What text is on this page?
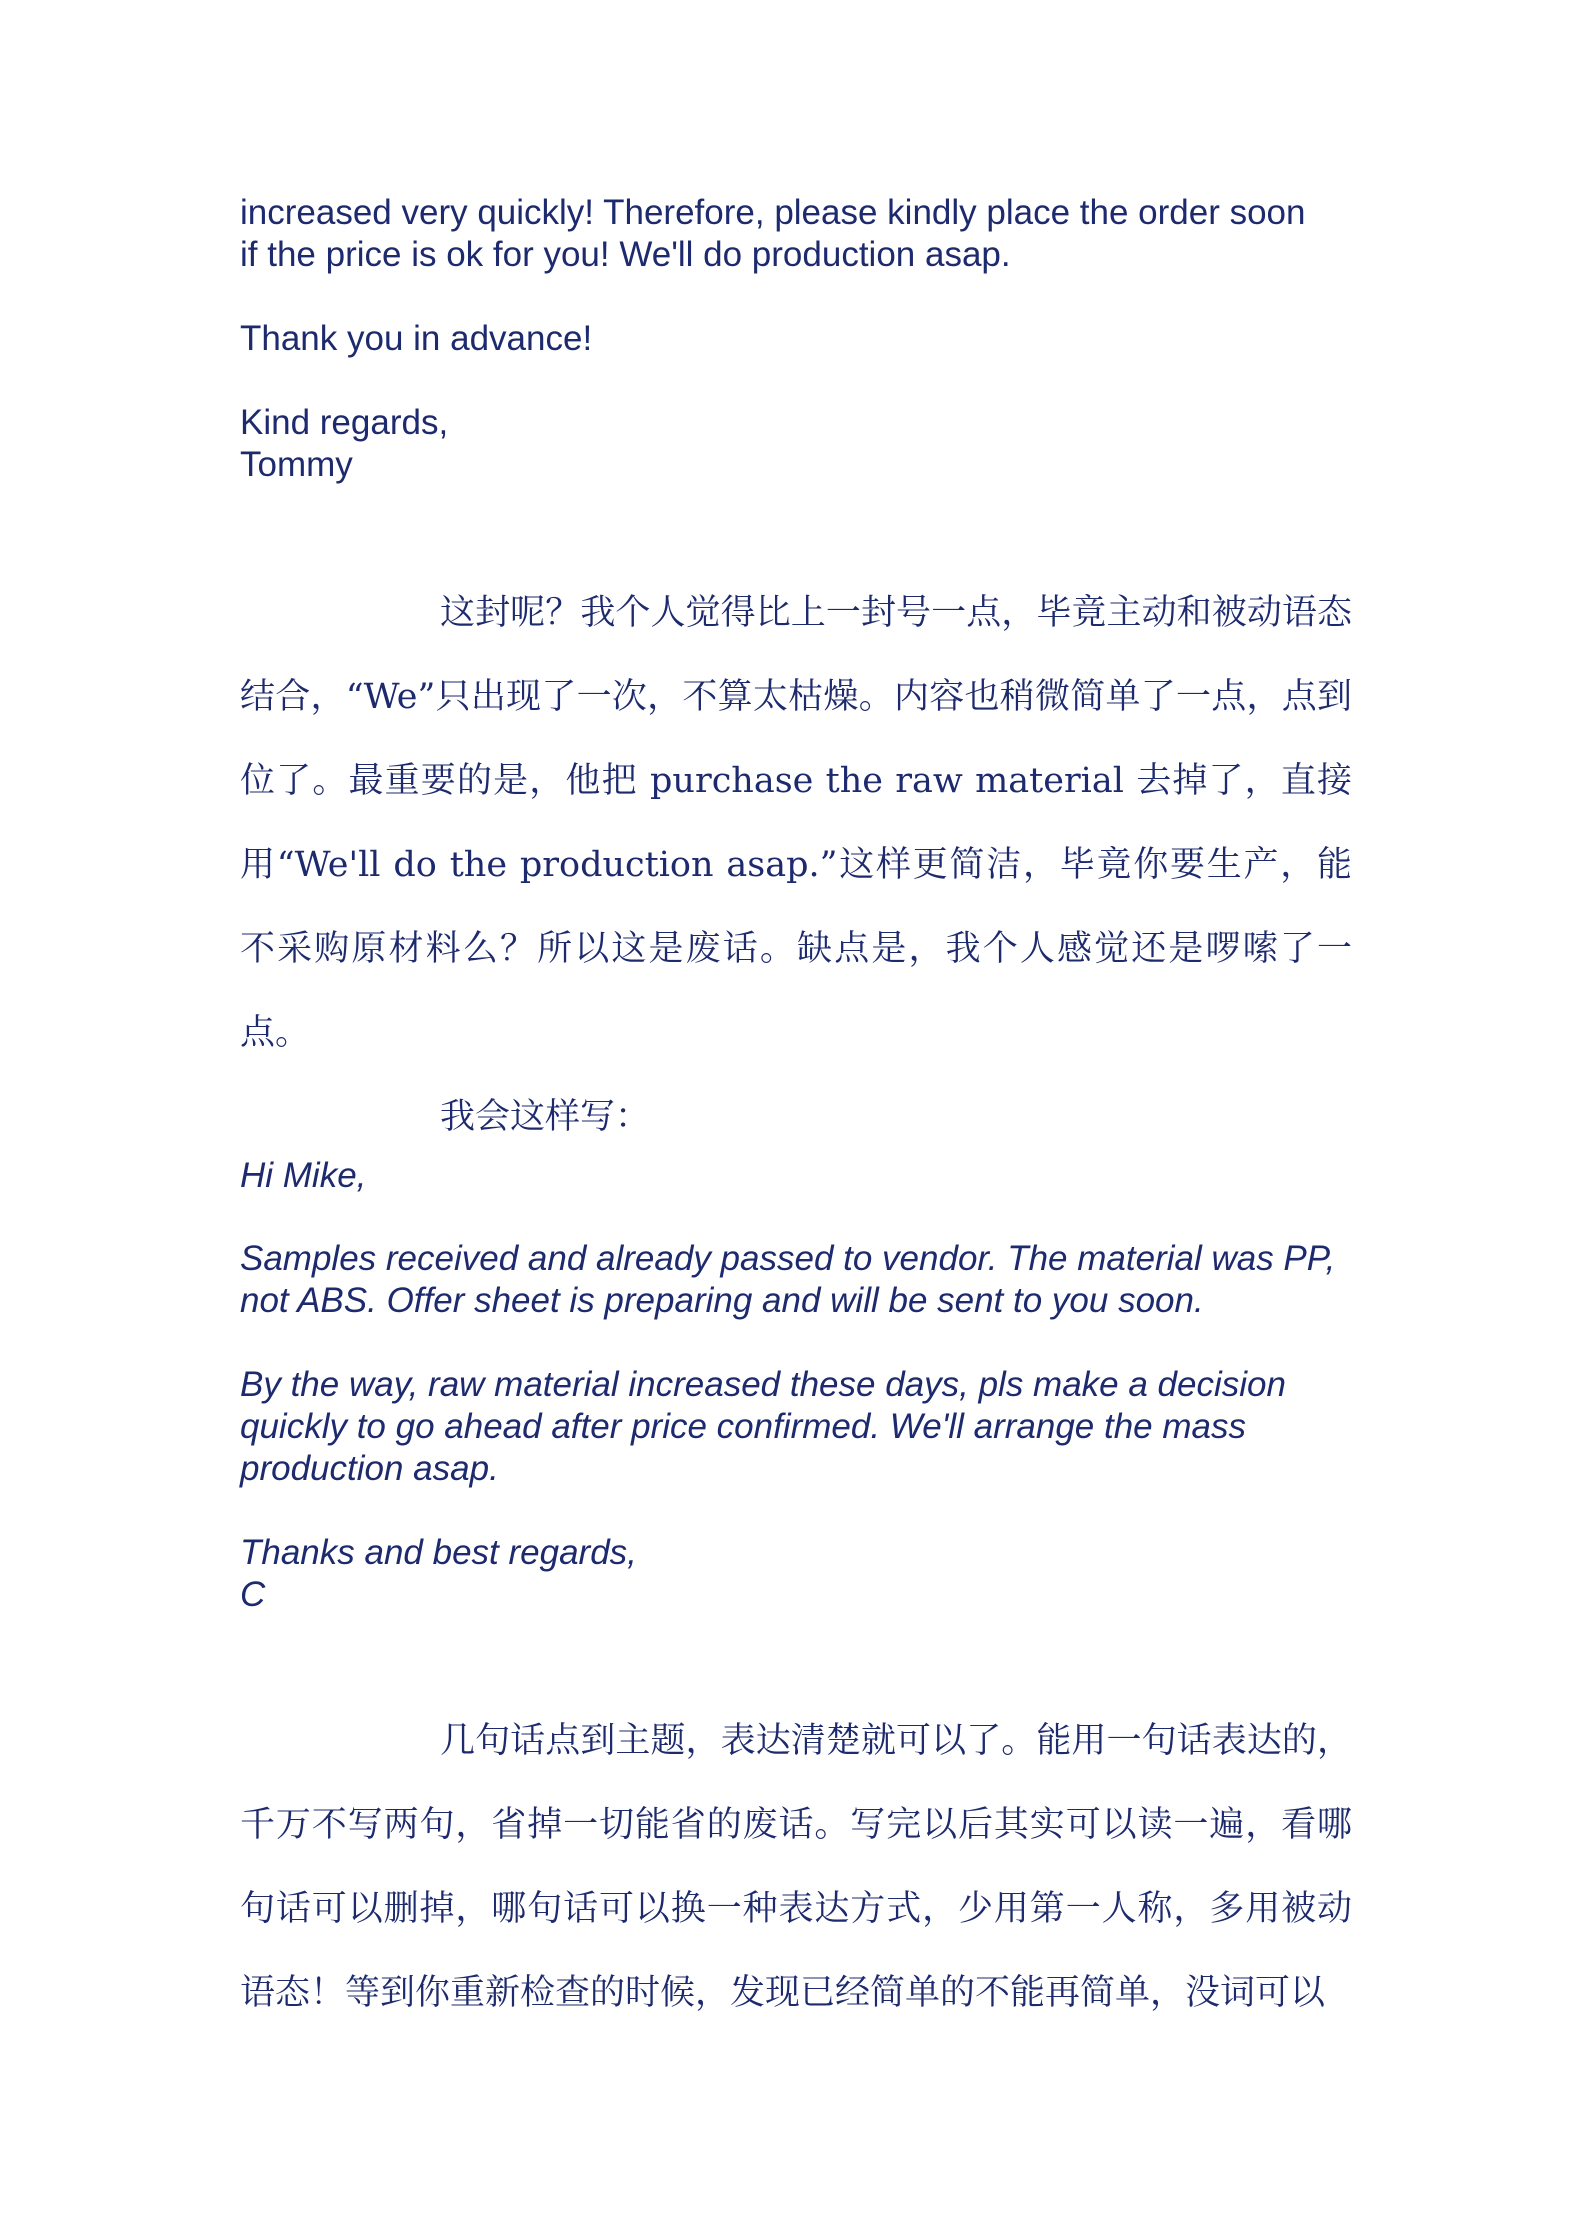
increased very quickly! Therefore, please kindly place the order soon
if the price is ok for you! We'll do production asap.

Thank you in advance!

Kind regards,
Tommy

这封呢？我个人觉得比上一封号一点，毕竟主动和被动语态结合，“We”只出现了一次，不算太枯燥。内容也稍微简单了一点，点到位了。最重要的是，他把 purchase the raw material 去掉了，直接用“We'll do the production asap.”这样更简洁，毕竟你要生产，能不采购原材料么？所以这是废话。缺点是，我个人感觉还是啰嗦了一点。

我会这样写：

Hi Mike,

Samples received and already passed to vendor. The material was PP,
not ABS. Offer sheet is preparing and will be sent to you soon.

By the way, raw material increased these days, pls make a decision
quickly to go ahead after price confirmed. We'll arrange the mass
production asap.

Thanks and best regards,
C

几句话点到主题，表达清楚就可以了。能用一句话表达的，千万不写两句，省掉一切能省的废话。写完以后其实可以读一遍，看哪句话可以删掉，哪句话可以换一种表达方式，少用第一人称，多用被动语态！等到你重新检查的时候，发现已经简单的不能再简单，没词可以
